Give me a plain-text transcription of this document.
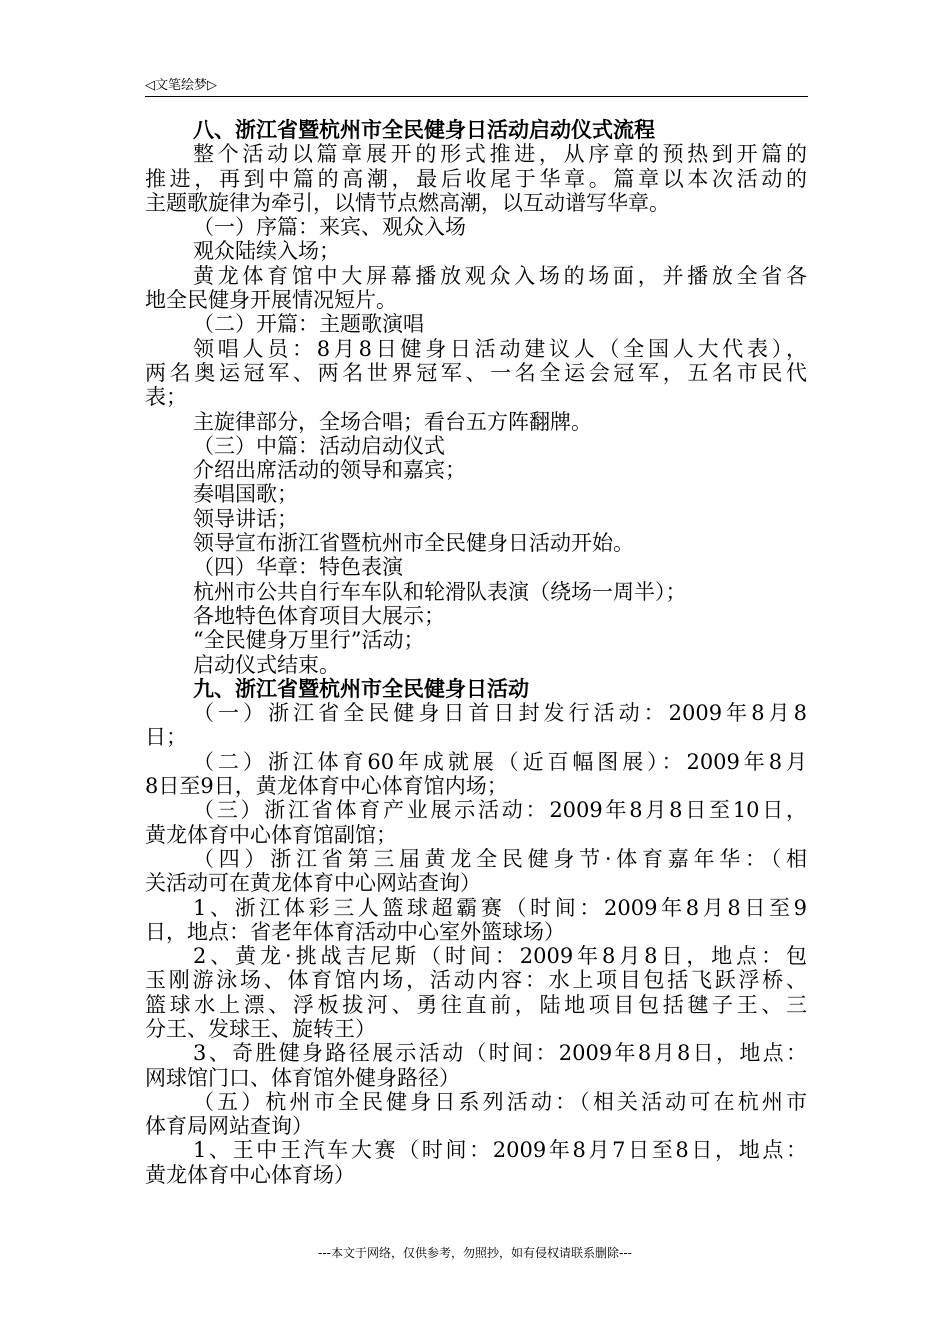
◁文笔绘梦▷
八、浙江省暨杭州市全民健身日活动启动仪式流程
整个活动以篇章展开的形式推进，从序章的预热到开篇的
推进，再到中篇的高潮，最后收尾于华章。篇章以本次活动的
主题歌旋律为牵引，以情节点燃高潮，以互动谱写华章。
（一）序篇：来宾、观众入场
观众陆续入场；
黄龙体育馆中大屏幕播放观众入场的场面，并播放全省各
地全民健身开展情况短片。
（二）开篇：主题歌演唱
领唱人员：8月8日健身日活动建议人（全国人大代表），
两名奥运冠军、两名世界冠军、一名全运会冠军，五名市民代
表；
主旋律部分，全场合唱；看台五方阵翻牌。
（三）中篇：活动启动仪式
介绍出席活动的领导和嘉宾；
奏唱国歌；
领导讲话；
领导宣布浙江省暨杭州市全民健身日活动开始。
（四）华章：特色表演
杭州市公共自行车车队和轮滑队表演（绕场一周半）；
各地特色体育项目大展示；
“全民健身万里行”活动；
启动仪式结束。
九、浙江省暨杭州市全民健身日活动
（一）浙江省全民健身日首日封发行活动：2009年8月8
日；
（二）浙江体育60年成就展（近百幅图展）：2009年8月
8日至9日，黄龙体育中心体育馆内场；
（三）浙江省体育产业展示活动：2009年8月8日至10日，
黄龙体育中心体育馆副馆；
（四）浙江省第三届黄龙全民健身节·体育嘉年华：（相
关活动可在黄龙体育中心网站查询）
1、浙江体彩三人篮球超霸赛（时间：2009年8月8日至9
日，地点：省老年体育活动中心室外篮球场）
2、黄龙·挑战吉尼斯（时间：2009年8月8日，地点：包
玉刚游泳场、体育馆内场，活动内容：水上项目包括飞跃浮桥、
篮球水上漂、浮板拔河、勇往直前，陆地项目包括毽子王、三
分王、发球王、旋转王）
3、奇胜健身路径展示活动（时间：2009年8月8日，地点：
网球馆门口、体育馆外健身路径）
（五）杭州市全民健身日系列活动：（相关活动可在杭州市
体育局网站查询）
1、王中王汽车大赛（时间：2009年8月7日至8日，地点：
黄龙体育中心体育场）
---本文于网络，仅供参考，勿照抄，如有侵权请联系删除---
